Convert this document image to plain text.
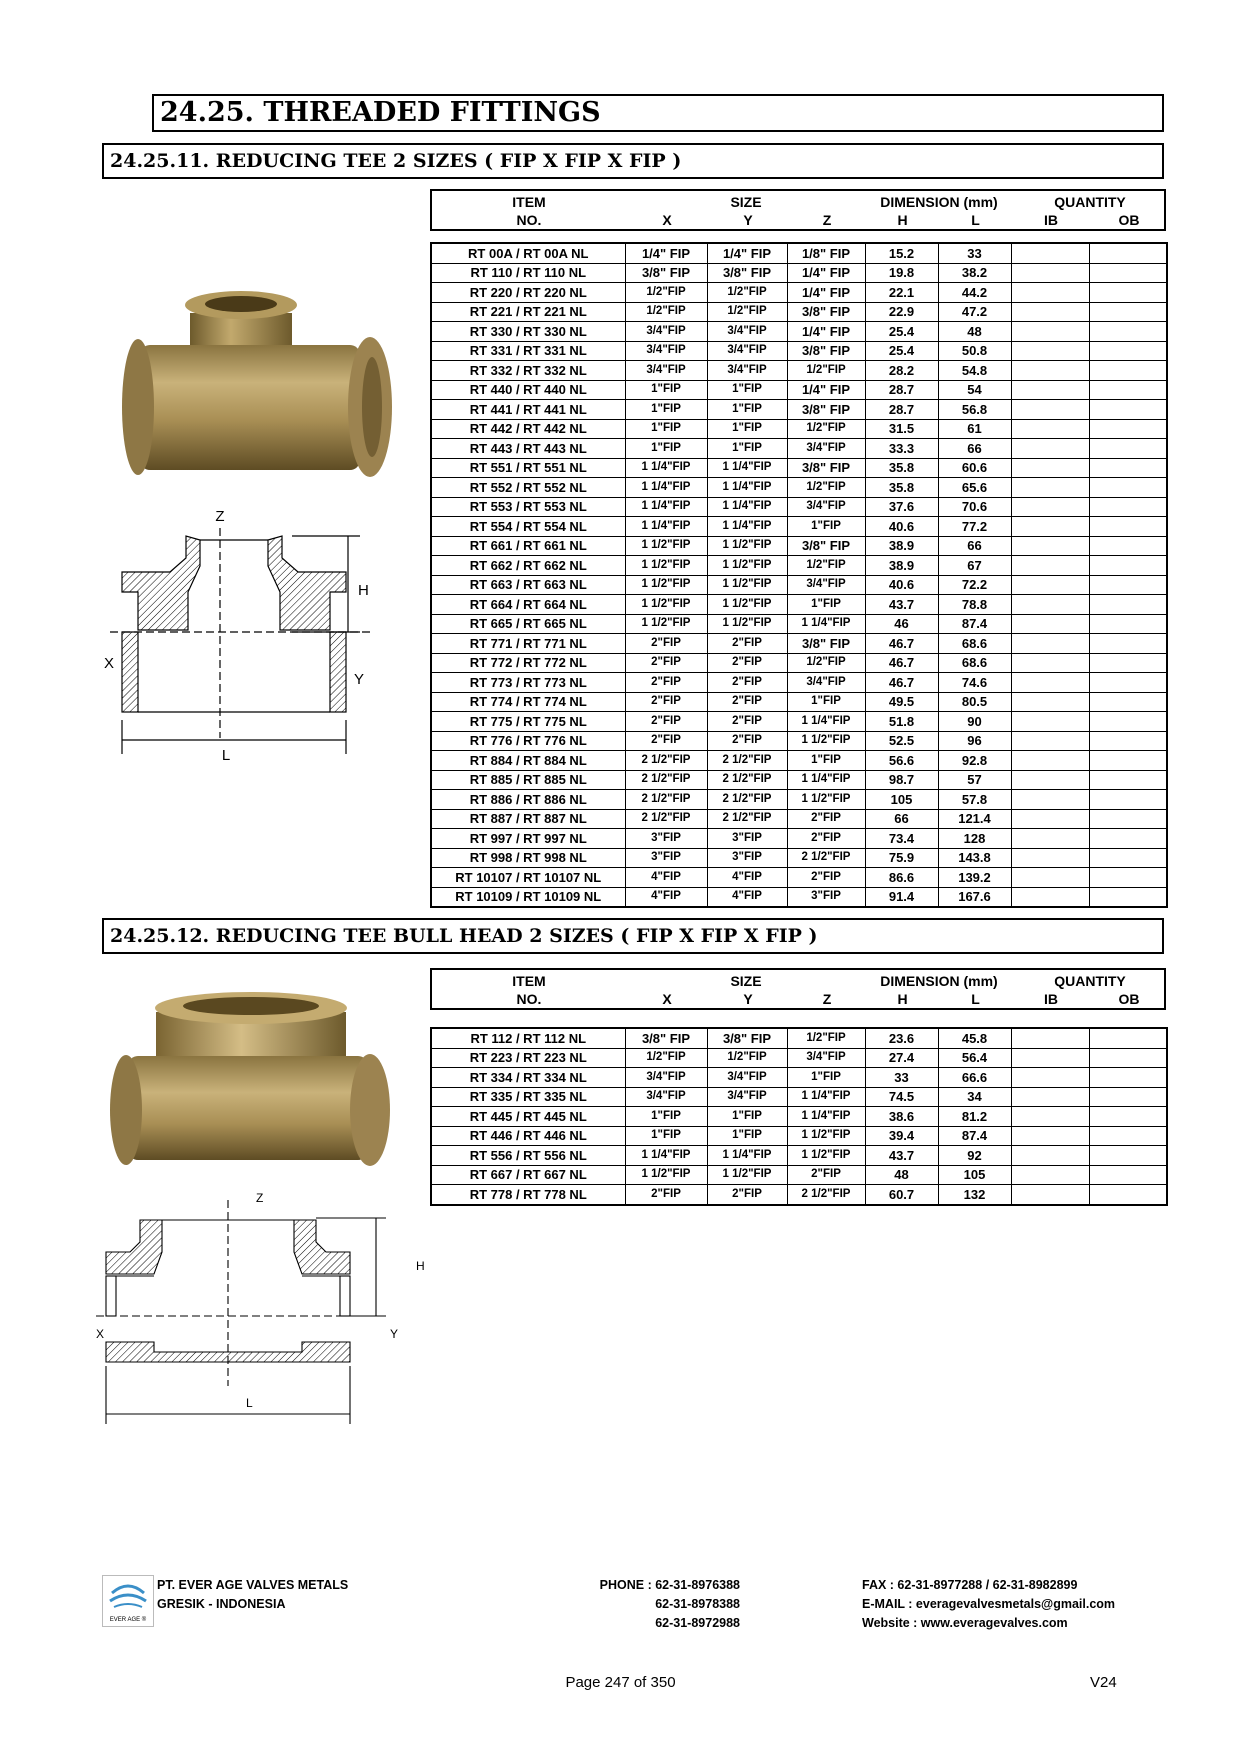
24.25. THREADED FITTINGS
24.25.11. REDUCING TEE 2 SIZES ( FIP X FIP X FIP )
ITEM
NO.
SIZE
X	Y	Z
DIMENSION (mm)
H	L
QUANTITY
IB	OB
RT 00A / RT 00A NL	1/4" FIP	1/4" FIP	1/8" FIP	15.2	33		
RT 110 / RT 110 NL	3/8" FIP	3/8" FIP	1/4" FIP	19.8	38.2		
RT 220 / RT 220 NL	1/2"FIP	1/2"FIP	1/4" FIP	22.1	44.2		
RT 221 / RT 221 NL	1/2"FIP	1/2"FIP	3/8" FIP	22.9	47.2		
RT 330 / RT 330 NL	3/4"FIP	3/4"FIP	1/4" FIP	25.4	48		
RT 331 / RT 331 NL	3/4"FIP	3/4"FIP	3/8" FIP	25.4	50.8		
RT 332 / RT 332 NL	3/4"FIP	3/4"FIP	1/2"FIP	28.2	54.8		
RT 440 / RT 440 NL	1"FIP	1"FIP	1/4" FIP	28.7	54		
RT 441 / RT 441 NL	1"FIP	1"FIP	3/8" FIP	28.7	56.8		
RT 442 / RT 442 NL	1"FIP	1"FIP	1/2"FIP	31.5	61		
RT 443 / RT 443 NL	1"FIP	1"FIP	3/4"FIP	33.3	66		
RT 551 / RT 551 NL	1 1/4"FIP	1 1/4"FIP	3/8" FIP	35.8	60.6		
RT 552 / RT 552 NL	1 1/4"FIP	1 1/4"FIP	1/2"FIP	35.8	65.6		
RT 553 / RT 553 NL	1 1/4"FIP	1 1/4"FIP	3/4"FIP	37.6	70.6		
RT 554 / RT 554 NL	1 1/4"FIP	1 1/4"FIP	1"FIP	40.6	77.2		
RT 661 / RT 661 NL	1 1/2"FIP	1 1/2"FIP	3/8" FIP	38.9	66		
RT 662 / RT 662 NL	1 1/2"FIP	1 1/2"FIP	1/2"FIP	38.9	67		
RT 663 / RT 663 NL	1 1/2"FIP	1 1/2"FIP	3/4"FIP	40.6	72.2		
RT 664 / RT 664 NL	1 1/2"FIP	1 1/2"FIP	1"FIP	43.7	78.8		
RT 665 / RT 665 NL	1 1/2"FIP	1 1/2"FIP	1 1/4"FIP	46	87.4		
RT 771 / RT 771 NL	2"FIP	2"FIP	3/8" FIP	46.7	68.6		
RT 772 / RT 772 NL	2"FIP	2"FIP	1/2"FIP	46.7	68.6		
RT 773 / RT 773 NL	2"FIP	2"FIP	3/4"FIP	46.7	74.6		
RT 774 / RT 774 NL	2"FIP	2"FIP	1"FIP	49.5	80.5		
RT 775 / RT 775 NL	2"FIP	2"FIP	1 1/4"FIP	51.8	90		
RT 776 / RT 776 NL	2"FIP	2"FIP	1 1/2"FIP	52.5	96		
RT 884 / RT 884 NL	2 1/2"FIP	2 1/2"FIP	1"FIP	56.6	92.8		
RT 885 / RT 885 NL	2 1/2"FIP	2 1/2"FIP	1 1/4"FIP	98.7	57		
RT 886 / RT 886 NL	2 1/2"FIP	2 1/2"FIP	1 1/2"FIP	105	57.8		
RT 887 / RT 887 NL	2 1/2"FIP	2 1/2"FIP	2"FIP	66	121.4		
RT 997 / RT 997 NL	3"FIP	3"FIP	2"FIP	73.4	128		
RT 998 / RT 998 NL	3"FIP	3"FIP	2 1/2"FIP	75.9	143.8		
RT 10107 / RT 10107 NL	4"FIP	4"FIP	2"FIP	86.6	139.2		
RT 10109 / RT 10109 NL	4"FIP	4"FIP	3"FIP	91.4	167.6		
Z
H
X
Y
L
24.25.12. REDUCING TEE BULL HEAD 2 SIZES ( FIP X FIP X FIP )
ITEM
NO.
SIZE
X	Y	Z
DIMENSION (mm)
H	L
QUANTITY
IB	OB
RT 112 / RT 112 NL	3/8" FIP	3/8" FIP	1/2"FIP	23.6	45.8		
RT 223 / RT 223 NL	1/2"FIP	1/2"FIP	3/4"FIP	27.4	56.4		
RT 334 / RT 334 NL	3/4"FIP	3/4"FIP	1"FIP	33	66.6		
RT 335 / RT 335 NL	3/4"FIP	3/4"FIP	1 1/4"FIP	74.5	34		
RT 445 / RT 445 NL	1"FIP	1"FIP	1 1/4"FIP	38.6	81.2		
RT 446 / RT 446 NL	1"FIP	1"FIP	1 1/2"FIP	39.4	87.4		
RT 556 / RT 556 NL	1 1/4"FIP	1 1/4"FIP	1 1/2"FIP	43.7	92		
RT 667 / RT 667 NL	1 1/2"FIP	1 1/2"FIP	2"FIP	48	105		
RT 778 / RT 778 NL	2"FIP	2"FIP	2 1/2"FIP	60.7	132		
Z
H
X	Y
L
EVER AGE ®
PT. EVER AGE VALVES METALS
GRESIK - INDONESIA
PHONE : 62-31-8976388
62-31-8978388
62-31-8972988
FAX : 62-31-8977288 / 62-31-8982899
E-MAIL : everagevalvesmetals@gmail.com
Website : www.everagevalves.com
Page 247 of 350	V24
